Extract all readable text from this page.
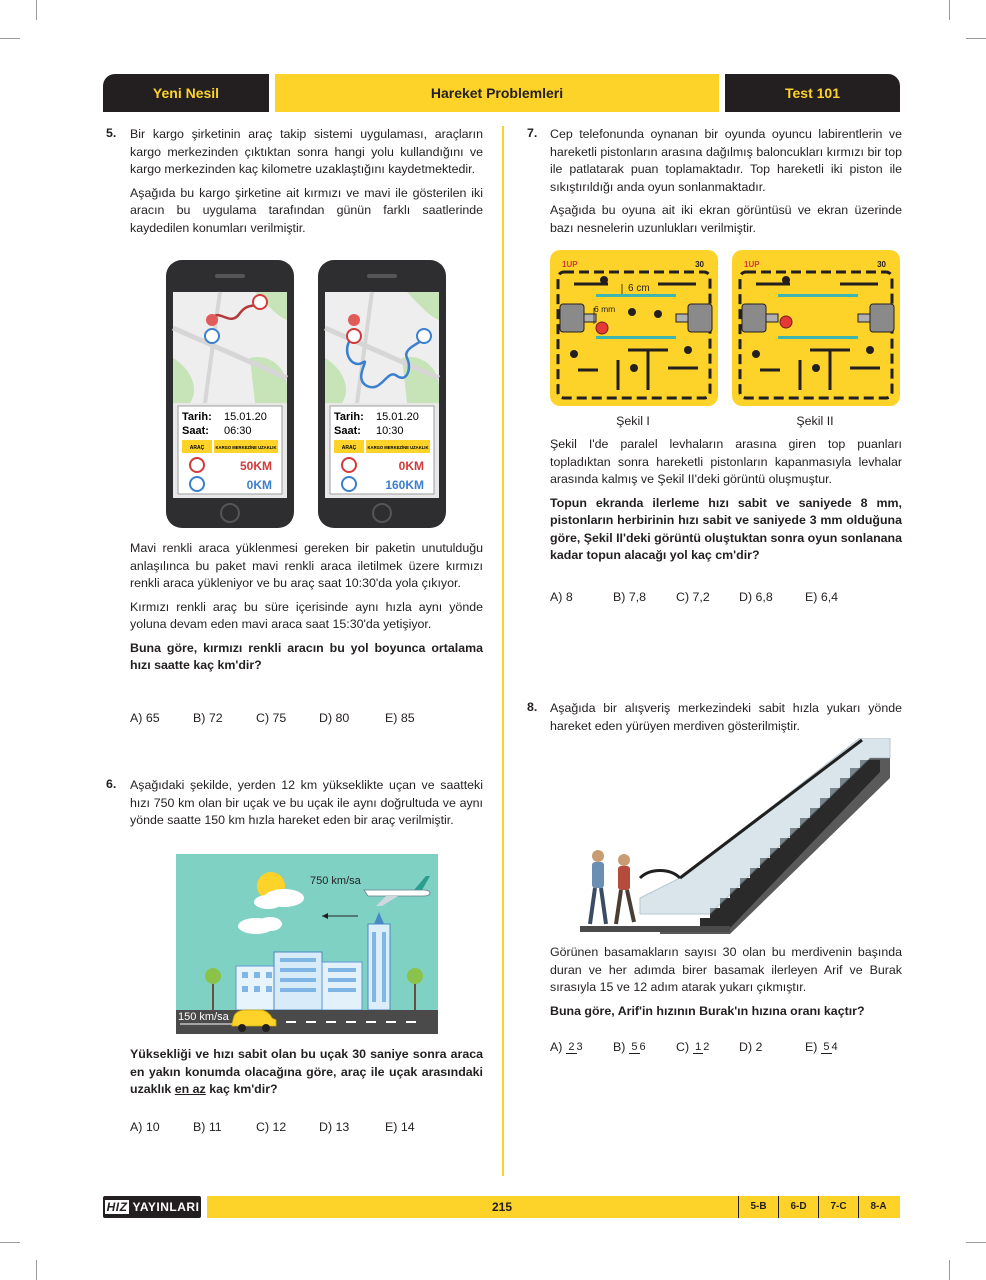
Yeni Nesil	Hareket Problemleri	Test 101
5. Bir kargo şirketinin araç takip sistemi uygulaması, araçların kargo merkezinden çıktıktan sonra hangi yolu kullandığını ve kargo merkezinden kaç kilometre uzaklaştığını kaydetmektedir.

Aşağıda bu kargo şirketine ait kırmızı ve mavi ile gösterilen iki aracın bu uygulama tarafından günün farklı saatlerinde kaydedilen konumları verilmiştir.

Tarih: 15.01.20
Saat: 06:30
ARAÇ	KARGO MERKEZİNE UZAKLIK
50KM
0KM
Tarih: 15.01.20
Saat: 10:30
ARAÇ	KARGO MERKEZİNE UZAKLIK
0KM
160KM

Mavi renkli araca yüklenmesi gereken bir paketin unutulduğu anlaşılınca bu paket mavi renkli araca iletilmek üzere kırmızı renkli araca yükleniyor ve bu araç saat 10:30'da yola çıkıyor.

Kırmızı renkli araç bu süre içerisinde aynı hızla aynı yönde yoluna devam eden mavi araca saat 15:30'da yetişiyor.

Buna göre, kırmızı renkli aracın bu yol boyunca ortalama hızı saatte kaç km'dir?

A) 65	B) 72	C) 75	D) 80	E) 85
6. Aşağıdaki şekilde, yerden 12 km yükseklikte uçan ve saatteki hızı 750 km olan bir uçak ve bu uçak ile aynı doğrultuda ve aynı yönde saatte 150 km hızla hareket eden bir araç verilmiştir.

750 km/sa
150 km/sa
Yüksekliği ve hızı sabit olan bu uçak 30 saniye sonra araca en yakın konumda olacağına göre, araç ile uçak arasındaki uzaklık en az kaç km'dir?
A) 10	B) 11	C) 12	D) 13	E) 14
7. Cep telefonunda oynanan bir oyunda oyuncu labirentlerin ve hareketli pistonların arasına dağılmış baloncukları kırmızı bir top ile patlatarak puan toplamaktadır. Top hareketli iki piston ile sıkıştırıldığı anda oyun sonlanmaktadır.

Aşağıda bu oyuna ait iki ekran görüntüsü ve ekran üzerinde bazı nesnelerin uzunlukları verilmiştir.

1UP	30
6 cm
6 mm
1UP	30
Şekil I	Şekil II

Şekil I'de paralel levhaların arasına giren top puanları topladıktan sonra hareketli pistonların kapanmasıyla levhalar arasında kalmış ve Şekil II'deki görüntü oluşmuştur.

Topun ekranda ilerleme hızı sabit ve saniyede 8 mm, pistonların herbirinin hızı sabit ve saniyede 3 mm olduğuna göre, Şekil II'deki görüntü oluştuktan sonra oyun sonlanana kadar topun alacağı yol kaç cm'dir?

A) 8	B) 7,8	C) 7,2	D) 6,8	E) 6,4
8. Aşağıda bir alışveriş merkezindeki sabit hızla yukarı yönde hareket eden yürüyen merdiven gösterilmiştir.

Görünen basamakların sayısı 30 olan bu merdivenin başında duran ve her adımda birer basamak ilerleyen Arif ve Burak sırasıyla 15 ve 12 adım atarak yukarı çıkmıştır.

Buna göre, Arif'in hızının Burak'ın hızına oranı kaçtır?

A) 2 3	B) 5 6	C) 1 2	D) 2	E) 5 4
HIZ YAYINLARI	215	5-B	6-D	7-C	8-A
